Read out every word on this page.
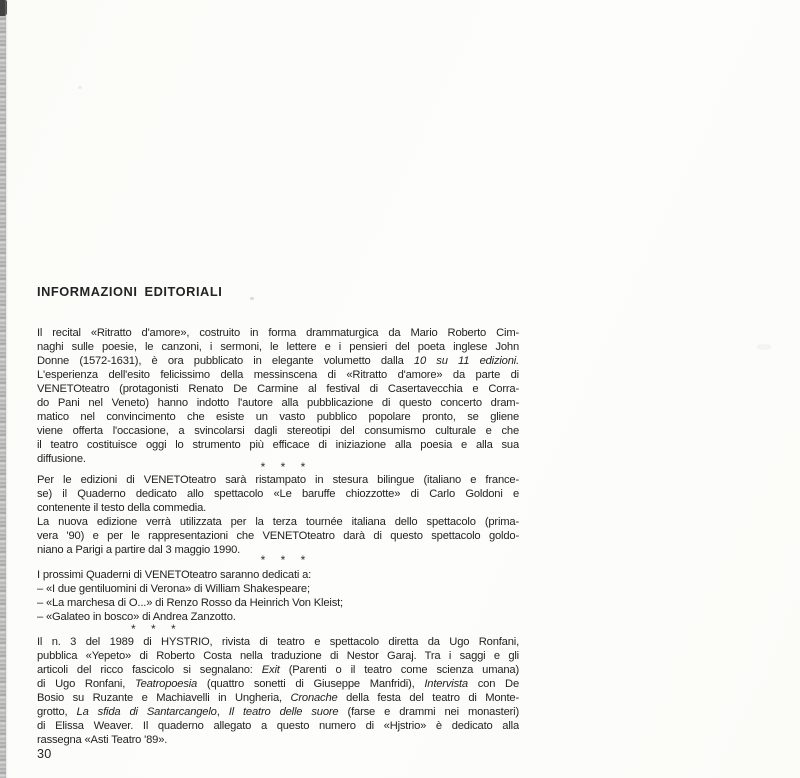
INFORMAZIONI EDITORIALI
Il recital «Ritratto d'amore», costruito in forma drammaturgica da Mario Roberto Cim-
naghi sulle poesie, le canzoni, i sermoni, le lettere e i pensieri del poeta inglese John
Donne (1572-1631), è ora pubblicato in elegante volumetto dalla 10 su 11 edizioni.
L'esperienza dell'esito felicissimo della messinscena di «Ritratto d'amore» da parte di
VENETOteatro (protagonisti Renato De Carmine al festival di Casertavecchia e Corra-
do Pani nel Veneto) hanno indotto l'autore alla pubblicazione di questo concerto dram-
matico nel convincimento che esiste un vasto pubblico popolare pronto, se gliene
viene offerta l'occasione, a svincolarsi dagli stereotipi del consumismo culturale e che
il teatro costituisce oggi lo strumento più efficace di iniziazione alla poesia e alla sua
diffusione.
* * *
Per le edizioni di VENETOteatro sarà ristampato in stesura bilingue (italiano e france-
se) il Quaderno dedicato allo spettacolo «Le baruffe chiozzotte» di Carlo Goldoni e
contenente il testo della commedia.
La nuova edizione verrà utilizzata per la terza tournée italiana dello spettacolo (prima-
vera '90) e per le rappresentazioni che VENETOteatro darà di questo spettacolo goldo-
niano a Parigi a partire dal 3 maggio 1990.
* * *
I prossimi Quaderni di VENETOteatro saranno dedicati a:
– «I due gentiluomini di Verona» di William Shakespeare;
– «La marchesa di O...» di Renzo Rosso da Heinrich Von Kleist;
– «Galateo in bosco» di Andrea Zanzotto.
* * *
Il n. 3 del 1989 di HYSTRIO, rivista di teatro e spettacolo diretta da Ugo Ronfani,
pubblica «Yepeto» di Roberto Costa nella traduzione di Nestor Garaj. Tra i saggi e gli
articoli del ricco fascicolo si segnalano: Exit (Parenti o il teatro come scienza umana)
di Ugo Ronfani, Teatropoesia (quattro sonetti di Giuseppe Manfridi), Intervista con De
Bosio su Ruzante e Machiavelli in Ungheria, Cronache della festa del teatro di Monte-
grotto, La sfida di Santarcangelo, Il teatro delle suore (farse e drammi nei monasteri)
di Elissa Weaver. Il quaderno allegato a questo numero di «Hjstrio» è dedicato alla
rassegna «Asti Teatro '89».
30
